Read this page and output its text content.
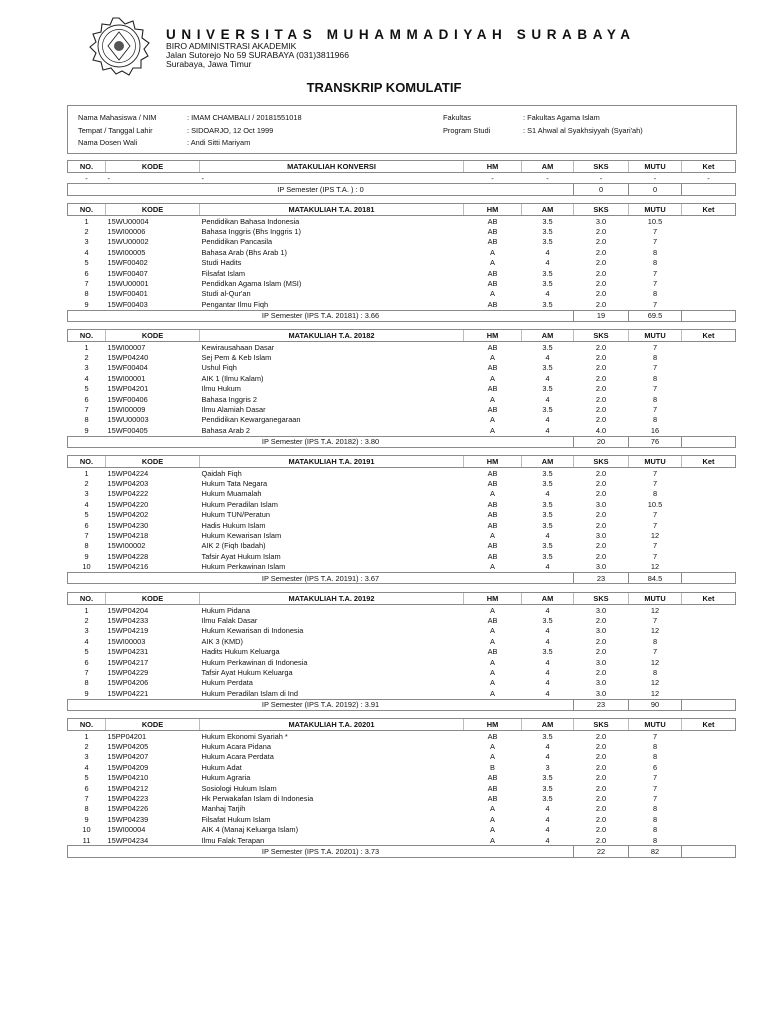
UNIVERSITAS MUHAMMADIYAH SURABAYA
BIRO ADMINISTRASI AKADEMIK
Jalan Sutorejo No 59 SURABAYA (031)3811966
Surabaya, Jawa Timur
TRANSKRIP KOMULATIF
Nama Mahasiswa / NIM	: IMAM CHAMBALI / 20181551018
Tempat / Tanggal Lahir	: SIDOARJO, 12 Oct 1999
Nama Dosen Wali	: Andi Sitti Mariyam
Fakultas	: Fakultas Agama Islam
Program Studi	: S1 Ahwal al Syakhsiyyah (Syari'ah)
NO.	KODE	MATAKULIAH KONVERSI	HM	AM	SKS	MUTU	Ket
-	-	-	-	-	-	-	-
IP Semester (IPS T.A. ) : 0					0	0	
NO.	KODE	MATAKULIAH T.A. 20181	HM	AM	SKS	MUTU	Ket
1	15WU00004	Pendidikan Bahasa Indonesia	AB	3.5	3.0	10.5	
2	15WI00006	Bahasa Inggris (Bhs Inggris 1)	AB	3.5	2.0	7	
3	15WU00002	Pendidikan Pancasila	AB	3.5	2.0	7	
4	15WI00005	Bahasa Arab (Bhs Arab 1)	A	4	2.0	8	
5	15WF00402	Studi Hadits	A	4	2.0	8	
6	15WF00407	Filsafat Islam	AB	3.5	2.0	7	
7	15WU00001	Pendidkan Agama Islam (MSI)	AB	3.5	2.0	7	
8	15WF00401	Studi al-Qur'an	A	4	2.0	8	
9	15WF00403	Pengantar Ilmu Fiqh	AB	3.5	2.0	7	
IP Semester (IPS T.A. 20181) : 3.66					19	69.5	
NO.	KODE	MATAKULIAH T.A. 20182	HM	AM	SKS	MUTU	Ket
1	15WI00007	Kewirausahaan Dasar	AB	3.5	2.0	7	
2	15WP04240	Sej Pem & Keb Islam	A	4	2.0	8	
3	15WF00404	Ushul Fiqh	AB	3.5	2.0	7	
4	15WI00001	AIK 1 (Ilmu Kalam)	A	4	2.0	8	
5	15WP04201	Ilmu Hukum	AB	3.5	2.0	7	
6	15WF00406	Bahasa Inggris 2	A	4	2.0	8	
7	15WI00009	Ilmu Alamiah Dasar	AB	3.5	2.0	7	
8	15WU00003	Pendidikan Kewarganegaraan	A	4	2.0	8	
9	15WF00405	Bahasa Arab 2	A	4	4.0	16	
IP Semester (IPS T.A. 20182) : 3.80					20	76	
NO.	KODE	MATAKULIAH T.A. 20191	HM	AM	SKS	MUTU	Ket
1	15WP04224	Qaidah Fiqh	AB	3.5	2.0	7	
2	15WP04203	Hukum Tata Negara	AB	3.5	2.0	7	
3	15WP04222	Hukum Muamalah	A	4	2.0	8	
4	15WP04220	Hukum Peradilan Islam	AB	3.5	3.0	10.5	
5	15WP04202	Hukum TUN/Peratun	AB	3.5	2.0	7	
6	15WP04230	Hadis Hukum Islam	AB	3.5	2.0	7	
7	15WP04218	Hukum Kewarisan Islam	A	4	3.0	12	
8	15WI00002	AIK 2 (Fiqh Ibadah)	AB	3.5	2.0	7	
9	15WP04228	Tafsir Ayat Hukum Islam	AB	3.5	2.0	7	
10	15WP04216	Hukum Perkawinan Islam	A	4	3.0	12	
IP Semester (IPS T.A. 20191) : 3.67					23	84.5	
NO.	KODE	MATAKULIAH T.A. 20192	HM	AM	SKS	MUTU	Ket
1	15WP04204	Hukum Pidana	A	4	3.0	12	
2	15WP04233	Ilmu Falak Dasar	AB	3.5	2.0	7	
3	15WP04219	Hukum Kewarisan di Indonesia	A	4	3.0	12	
4	15WI00003	AIK 3 (KMD)	A	4	2.0	8	
5	15WP04231	Hadits Hukum Keluarga	AB	3.5	2.0	7	
6	15WP04217	Hukum Perkawinan di Indonesia	A	4	3.0	12	
7	15WP04229	Tafsir Ayat Hukum Keluarga	A	4	2.0	8	
8	15WP04206	Hukum Perdata	A	4	3.0	12	
9	15WP04221	Hukum Peradilan Islam di Ind	A	4	3.0	12	
IP Semester (IPS T.A. 20192) : 3.91					23	90	
NO.	KODE	MATAKULIAH T.A. 20201	HM	AM	SKS	MUTU	Ket
1	15PP04201	Hukum Ekonomi Syariah *	AB	3.5	2.0	7	
2	15WP04205	Hukum Acara Pidana	A	4	2.0	8	
3	15WP04207	Hukum Acara Perdata	A	4	2.0	8	
4	15WP04209	Hukum Adat	B	3	2.0	6	
5	15WP04210	Hukum Agraria	AB	3.5	2.0	7	
6	15WP04212	Sosiologi Hukum Islam	AB	3.5	2.0	7	
7	15WP04223	Hk Perwakafan Islam di Indonesia	AB	3.5	2.0	7	
8	15WP04226	Manhaj Tarjih	A	4	2.0	8	
9	15WP04239	Filsafat Hukum Islam	A	4	2.0	8	
10	15WI00004	AIK 4 (Manaj Keluarga Islam)	A	4	2.0	8	
11	15WP04234	Ilmu Falak Terapan	A	4	2.0	8	
IP Semester (IPS T.A. 20201) : 3.73					22	82	
